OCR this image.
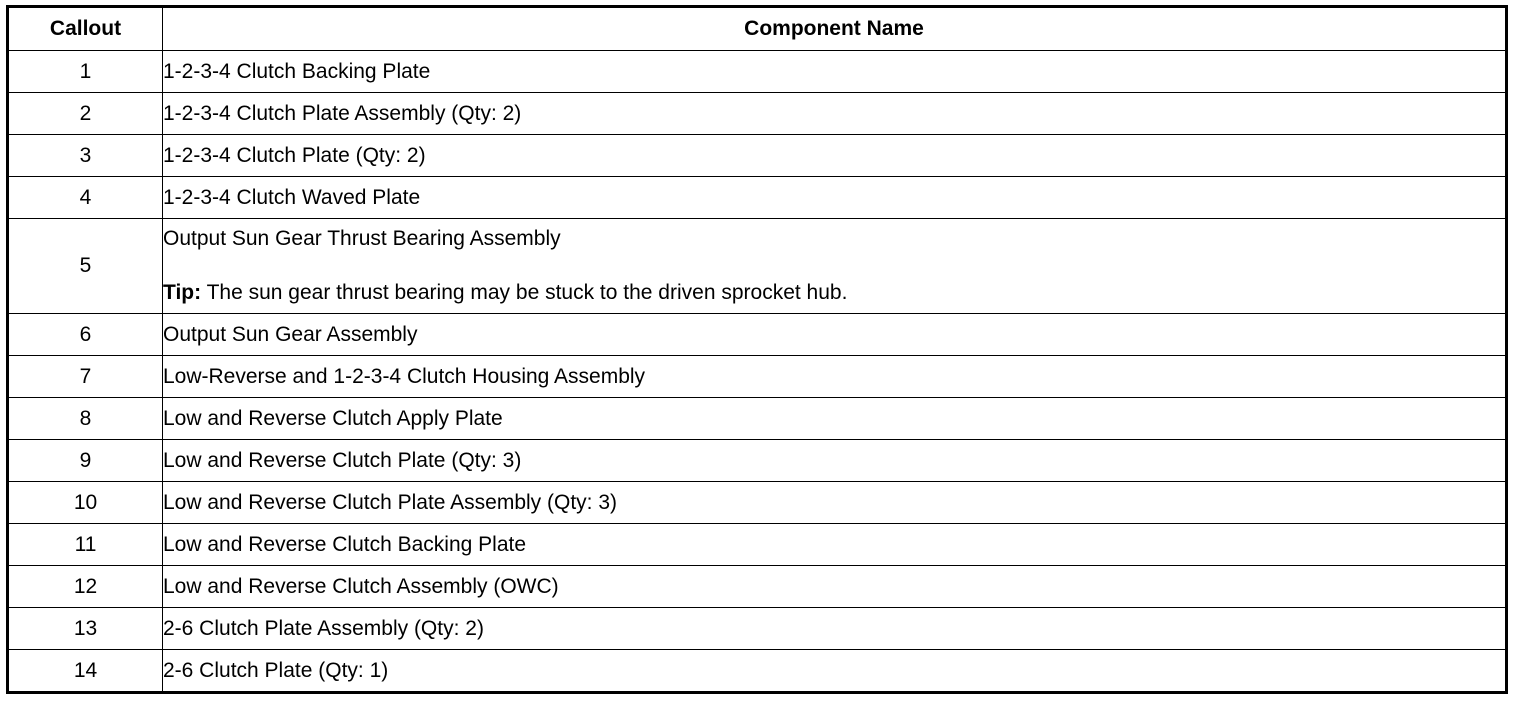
Callout	Component Name
1	1-2-3-4 Clutch Backing Plate
2	1-2-3-4 Clutch Plate Assembly (Qty: 2)
3	1-2-3-4 Clutch Plate (Qty: 2)
4	1-2-3-4 Clutch Waved Plate
5	Output Sun Gear Thrust Bearing Assembly
Tip: The sun gear thrust bearing may be stuck to the driven sprocket hub.

6	Output Sun Gear Assembly
7	Low-Reverse and 1-2-3-4 Clutch Housing Assembly
8	Low and Reverse Clutch Apply Plate
9	Low and Reverse Clutch Plate (Qty: 3)
10	Low and Reverse Clutch Plate Assembly (Qty: 3)
11	Low and Reverse Clutch Backing Plate
12	Low and Reverse Clutch Assembly (OWC)
13	2-6 Clutch Plate Assembly (Qty: 2)
14	2-6 Clutch Plate (Qty: 1)
